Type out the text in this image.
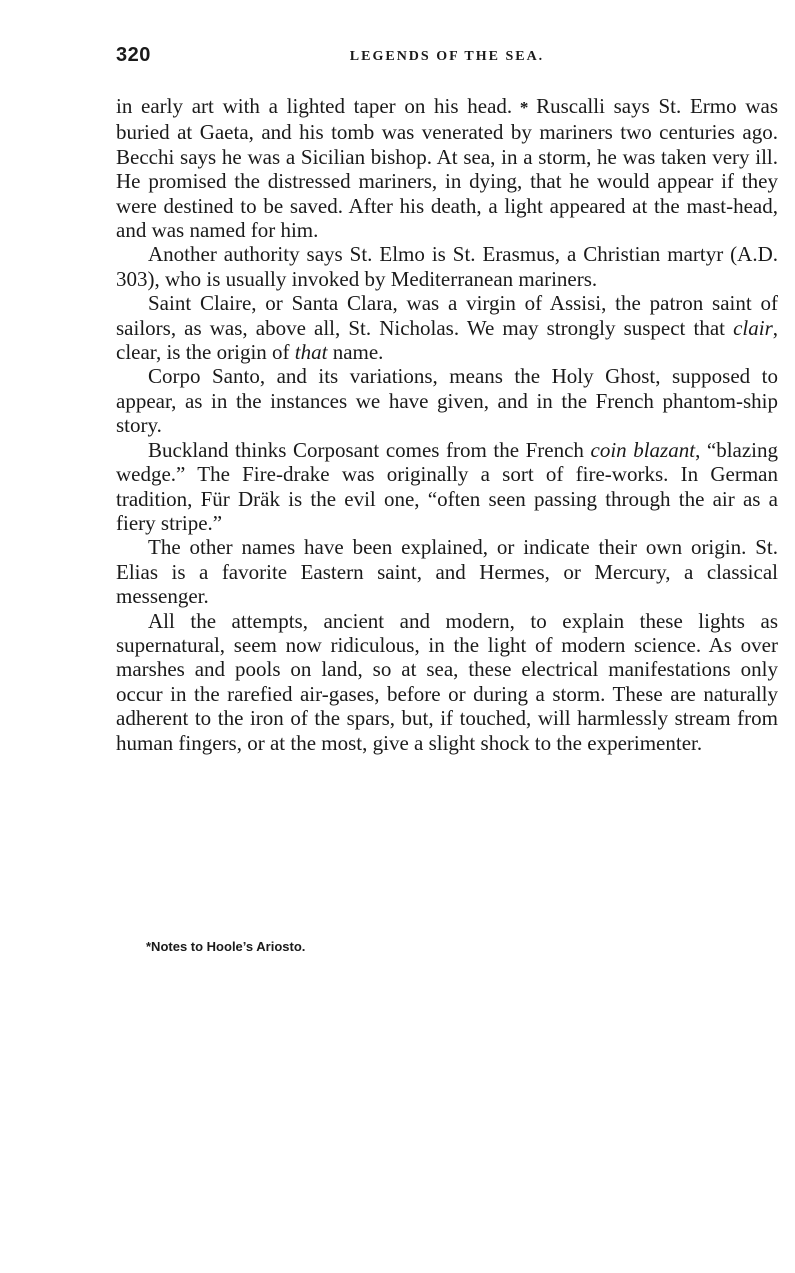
320	LEGENDS OF THE SEA.

in early art with a lighted taper on his head. * Ruscalli says St. Ermo was buried at Gaeta, and his tomb was venerated by mariners two centuries ago. Becchi says he was a Sicilian bishop. At sea, in a storm, he was taken very ill. He promised the distressed mariners, in dying, that he would appear if they were destined to be saved. After his death, a light appeared at the mast-head, and was named for him.

Another authority says St. Elmo is St. Erasmus, a Christian martyr (A.D. 303), who is usually invoked by Mediterranean mariners.

Saint Claire, or Santa Clara, was a virgin of Assisi, the patron saint of sailors, as was, above all, St. Nicholas. We may strongly suspect that clair, clear, is the origin of that name.

Corpo Santo, and its variations, means the Holy Ghost, supposed to appear, as in the instances we have given, and in the French phantom-ship story.

Buckland thinks Corposant comes from the French coin blazant, “blazing wedge.” The Fire-drake was originally a sort of fire-works. In German tradition, Für Dräk is the evil one, “often seen passing through the air as a fiery stripe.”

The other names have been explained, or indicate their own origin. St. Elias is a favorite Eastern saint, and Hermes, or Mercury, a classical messenger.

All the attempts, ancient and modern, to explain these lights as supernatural, seem now ridiculous, in the light of modern science. As over marshes and pools on land, so at sea, these electrical manifestations only occur in the rarefied air-gases, before or during a storm. These are naturally adherent to the iron of the spars, but, if touched, will harmlessly stream from human fingers, or at the most, give a slight shock to the experimenter.

*Notes to Hoole’s Ariosto.
